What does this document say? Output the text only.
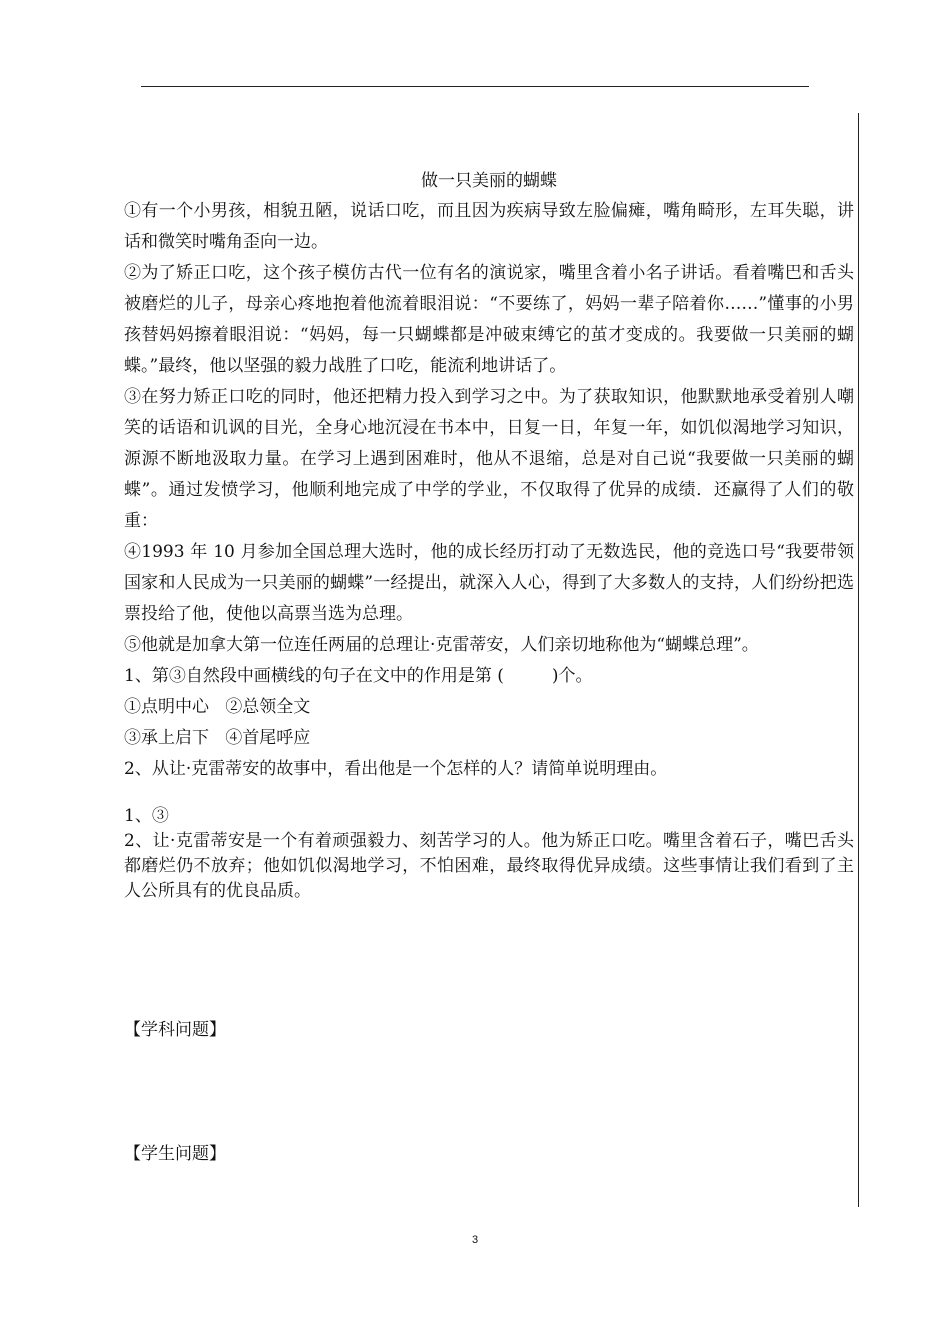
做一只美丽的蝴蝶

①有一个小男孩，相貌丑陋，说话口吃，而且因为疾病导致左脸偏瘫，嘴角畸形，左耳失聪，讲话和微笑时嘴角歪向一边。

②为了矫正口吃，这个孩子模仿古代一位有名的演说家，嘴里含着小名子讲话。看着嘴巴和舌头被磨烂的儿子，母亲心疼地抱着他流着眼泪说：“不要练了，妈妈一辈子陪着你……”懂事的小男孩替妈妈擦着眼泪说：“妈妈，每一只蝴蝶都是冲破束缚它的茧才变成的。我要做一只美丽的蝴蝶。”最终，他以坚强的毅力战胜了口吃，能流利地讲话了。

③在努力矫正口吃的同时，他还把精力投入到学习之中。为了获取知识，他默默地承受着别人嘲笑的话语和讥讽的目光，全身心地沉浸在书本中，日复一日，年复一年，如饥似渴地学习知识，源源不断地汲取力量。在学习上遇到困难时，他从不退缩，总是对自己说“我要做一只美丽的蝴蝶”。通过发愤学习，他顺利地完成了中学的学业，不仅取得了优异的成绩．还赢得了人们的敬重：

④1993 年 10 月参加全国总理大选时，他的成长经历打动了无数选民，他的竞选口号“我要带领国家和人民成为一只美丽的蝴蝶”一经提出，就深入人心，得到了大多数人的支持，人们纷纷把选票投给了他，使他以高票当选为总理。

⑤他就是加拿大第一位连任两届的总理让·克雷蒂安，人们亲切地称他为“蝴蝶总理”。

1、第③自然段中画横线的句子在文中的作用是第 (	)个。

①点明中心   ②总领全文

③承上启下   ④首尾呼应

2、从让·克雷蒂安的故事中，看出他是一个怎样的人？请简单说明理由。

1、③

2、让·克雷蒂安是一个有着顽强毅力、刻苦学习的人。他为矫正口吃。嘴里含着石子，嘴巴舌头都磨烂仍不放弃；他如饥似渴地学习，不怕困难，最终取得优异成绩。这些事情让我们看到了主人公所具有的优良品质。

【学科问题】

【学生问题】

3
